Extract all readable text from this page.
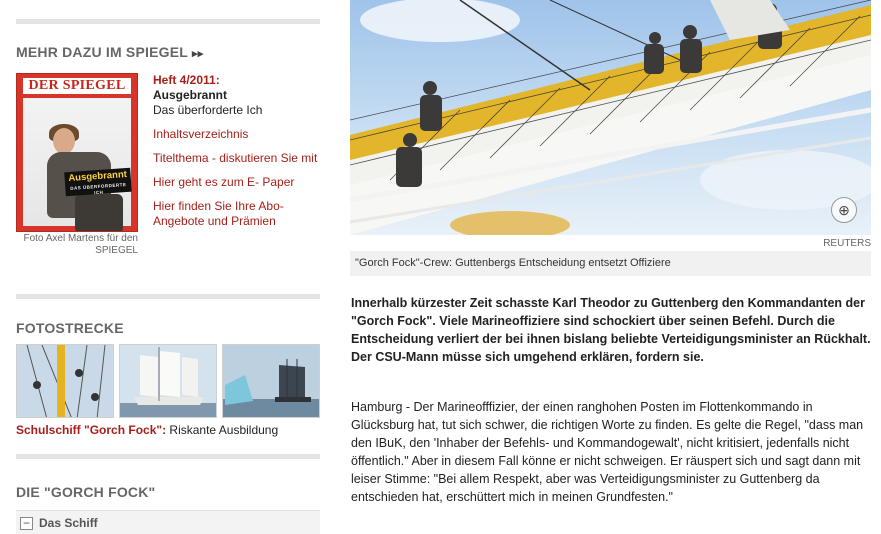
MEHR DAZU IM SPIEGEL ▸▸
DER SPIEGEL
Ausgebrannt
DAS ÜBERFORDERTE ICH
Foto Axel Martens für den SPIEGEL
Heft 4/2011:
Ausgebrannt
Das überforderte Ich
Inhaltsverzeichnis
Titelthema - diskutieren Sie mit
Hier geht es zum E- Paper
Hier finden Sie Ihre Abo-Angebote und Prämien
FOTOSTRECKE
Schulschiff "Gorch Fock": Riskante Ausbildung
DIE "GORCH FOCK"
− Das Schiff
⊕
REUTERS
"Gorch Fock"-Crew: Guttenbergs Entscheidung entsetzt Offiziere
Innerhalb kürzester Zeit schasste Karl Theodor zu Guttenberg den Kommandanten der "Gorch Fock". Viele Marineoffiziere sind schockiert über seinen Befehl. Durch die Entscheidung verliert der bei ihnen bislang beliebte Verteidigungsminister an Rückhalt. Der CSU-Mann müsse sich umgehend erklären, fordern sie.
Hamburg - Der Marineofffizier, der einen ranghohen Posten im Flottenkommando in Glücksburg hat, tut sich schwer, die richtigen Worte zu finden. Es gelte die Regel, "dass man den IBuK, den 'Inhaber der Befehls- und Kommandogewalt', nicht kritisiert, jedenfalls nicht öffentlich." Aber in diesem Fall könne er nicht schweigen. Er räuspert sich und sagt dann mit leiser Stimme: "Bei allem Respekt, aber was Verteidigungsminister zu Guttenberg da entschieden hat, erschüttert mich in meinen Grundfesten."
